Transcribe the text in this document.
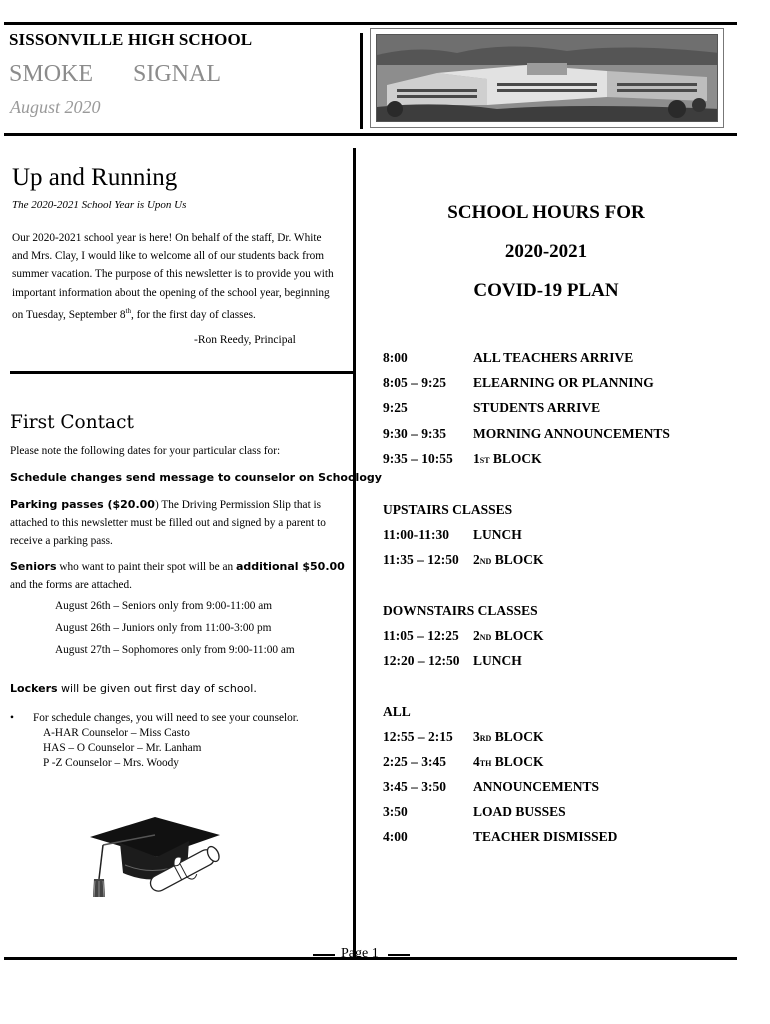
SISSONVILLE HIGH SCHOOL
SMOKE SIGNAL
August 2020
Up and Running
The 2020-2021 School Year is Upon Us
Our 2020-2021 school year is here! On behalf of the staff, Dr. White and Mrs. Clay, I would like to welcome all of our students back from summer vacation. The purpose of this newsletter is to provide you with important information about the opening of the school year, beginning on Tuesday, September 8th, for the first day of classes.
-Ron Reedy, Principal
First Contact
Please note the following dates for your particular class for:
Schedule changes send message to counselor on Schoology
Parking passes ($20.00) The Driving Permission Slip that is attached to this newsletter must be filled out and signed by a parent to receive a parking pass.
Seniors who want to paint their spot will be an additional $50.00
and the forms are attached.
August 26th – Seniors only from 9:00-11:00 am
August 26th – Juniors only from 11:00-3:00 pm
August 27th – Sophomores only from 9:00-11:00 am
Lockers will be given out first day of school.
• For schedule changes, you will need to see your counselor.
A-HAR Counselor – Miss Casto
HAS – O Counselor – Mr. Lanham
P -Z Counselor – Mrs. Woody
SCHOOL HOURS FOR
2020-2021
COVID-19 PLAN
8:00	ALL TEACHERS ARRIVE
8:05 – 9:25 ELEARNING OR PLANNING
9:25	STUDENTS ARRIVE
9:30 – 9:35 MORNING ANNOUNCEMENTS
9:35 – 10:55 1ST BLOCK
UPSTAIRS CLASSES
11:00-11:30 LUNCH
11:35 – 12:50 2ND BLOCK
DOWNSTAIRS CLASSES
11:05 – 12:25 2ND BLOCK
12:20 – 12:50 LUNCH
ALL
12:55 – 2:15 3RD BLOCK
2:25 – 3:45 4TH BLOCK
3:45 – 3:50 ANNOUNCEMENTS
3:50	LOAD BUSSES
4:00	TEACHER DISMISSED
Page 1
